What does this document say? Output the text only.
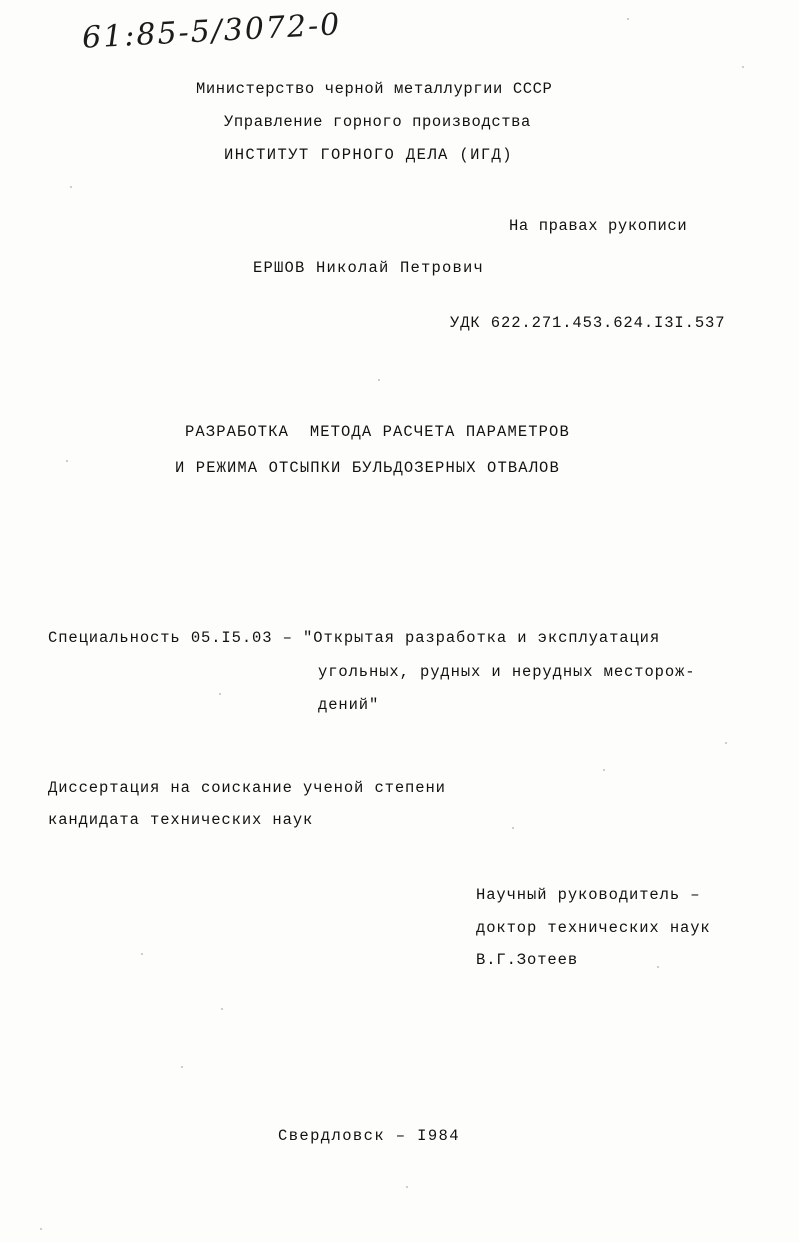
61:85-5/3072-0
Министерство черной металлургии СССР
Управление горного производства
ИНСТИТУТ ГОРНОГО ДЕЛА (ИГД)
На правах рукописи
ЕРШОВ Николай Петрович
УДК 622.271.453.624.I3I.537
РАЗРАБОТКА  МЕТОДА РАСЧЕТА ПАРАМЕТРОВ
И РЕЖИМА ОТСЫПКИ БУЛЬДОЗЕРНЫХ ОТВАЛОВ
Специальность 05.I5.03 – "Открытая разработка и эксплуатация
угольных, рудных и нерудных месторож-
дений"
Диссертация на соискание ученой степени
кандидата технических наук
Научный руководитель –
доктор технических наук
В.Г.Зотеев
Свердловск – I984
